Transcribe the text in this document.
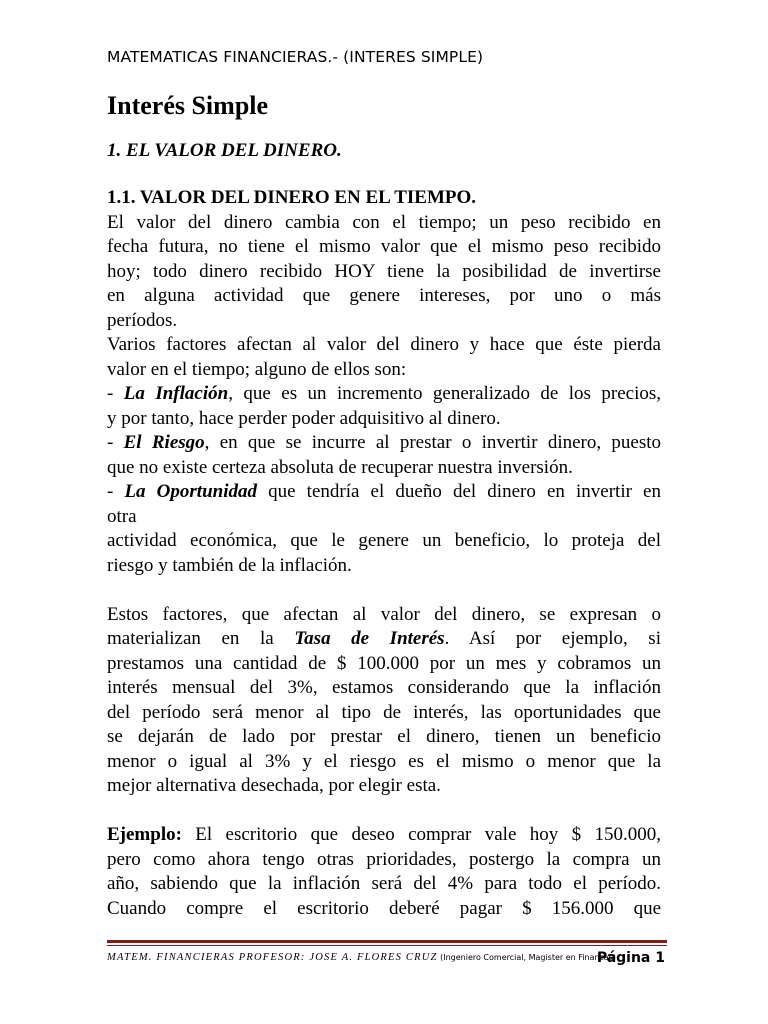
MATEMATICAS FINANCIERAS.- (INTERES SIMPLE)
Interés Simple
1. EL VALOR DEL DINERO.

1.1. VALOR DEL DINERO EN EL TIEMPO.

El valor del dinero cambia con el tiempo; un peso recibido en

fecha futura, no tiene el mismo valor que el mismo peso recibido

hoy; todo dinero recibido HOY tiene la posibilidad de invertirse

en alguna actividad que genere intereses, por uno o más

períodos.

Varios factores afectan al valor del dinero y hace que éste pierda

valor en el tiempo; alguno de ellos son:

- La Inflación, que es un incremento generalizado de los precios,

y por tanto, hace perder poder adquisitivo al dinero.

- El Riesgo, en que se incurre al prestar o invertir dinero, puesto

que no existe certeza absoluta de recuperar nuestra inversión.

- La Oportunidad que tendría el dueño del dinero en invertir en

otra

actividad económica, que le genere un beneficio, lo proteja del

riesgo y también de la inflación.

Estos factores, que afectan al valor del dinero, se expresan o

materializan en la Tasa de Interés. Así por ejemplo, si

prestamos una cantidad de $ 100.000 por un mes y cobramos un

interés mensual del 3%, estamos considerando que la inflación

del período será menor al tipo de interés, las oportunidades que

se dejarán de lado por prestar el dinero, tienen un beneficio

menor o igual al 3% y el riesgo es el mismo o menor que la

mejor alternativa desechada, por elegir esta.

Ejemplo: El escritorio que deseo comprar vale hoy $ 150.000,

pero como ahora tengo otras prioridades, postergo la compra un

año, sabiendo que la inflación será del 4% para todo el período.

Cuando compre el escritorio deberé pagar $ 156.000 que

MATEM. FINANCIERAS PROFESOR: JOSE A. FLORES CRUZ (Ingeniero Comercial, Magister en Finanzas)
Página 1
